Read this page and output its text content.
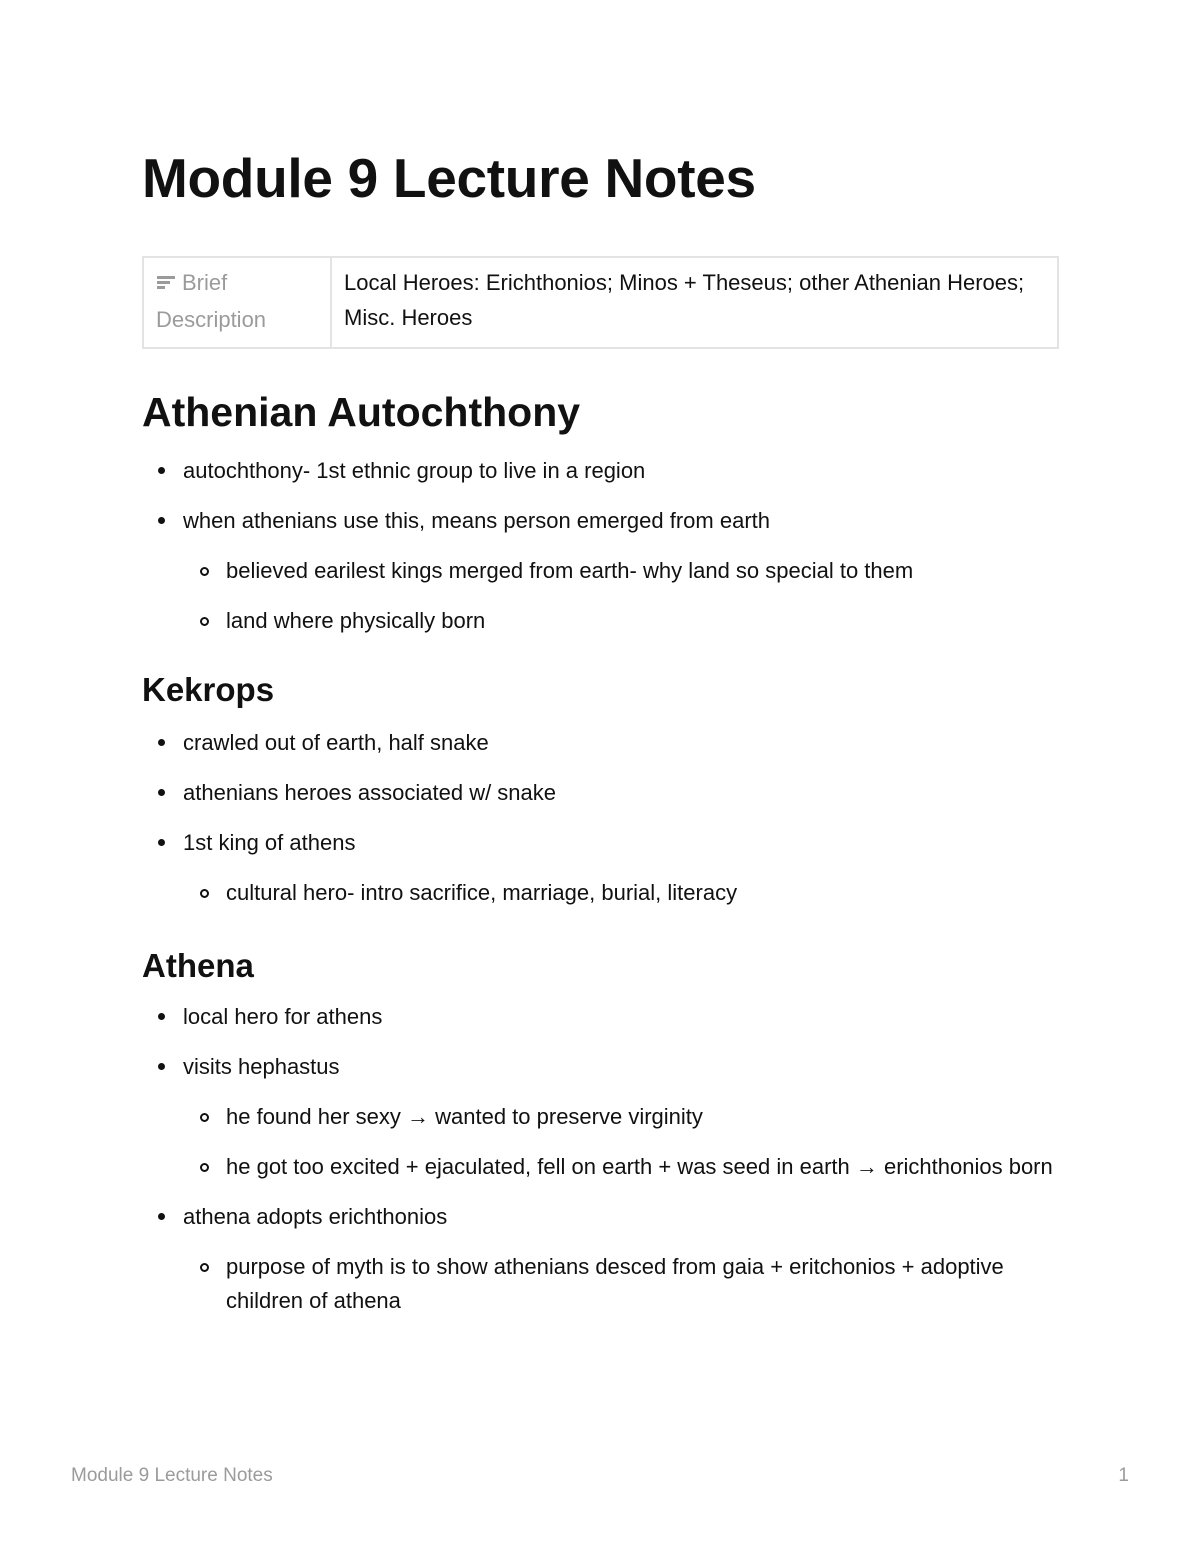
Module 9 Lecture Notes
Brief Description	Local Heroes: Erichthonios; Minos + Theseus; other Athenian Heroes; Misc. Heroes
Athenian Autochthony
autochthony- 1st ethnic group to live in a region
when athenians use this, means person emerged from earth
believed earilest kings merged from earth- why land so special to them
land where physically born
Kekrops
crawled out of earth, half snake
athenians heroes associated w/ snake
1st king of athens
cultural hero- intro sacrifice, marriage, burial, literacy
Athena
local hero for athens
visits hephastus
he found her sexy → wanted to preserve virginity
he got too excited + ejaculated, fell on earth + was seed in earth → erichthonios born
athena adopts erichthonios
purpose of myth is to show athenians desced from gaia + eritchonios + adoptive children of athena
Module 9 Lecture Notes	1
